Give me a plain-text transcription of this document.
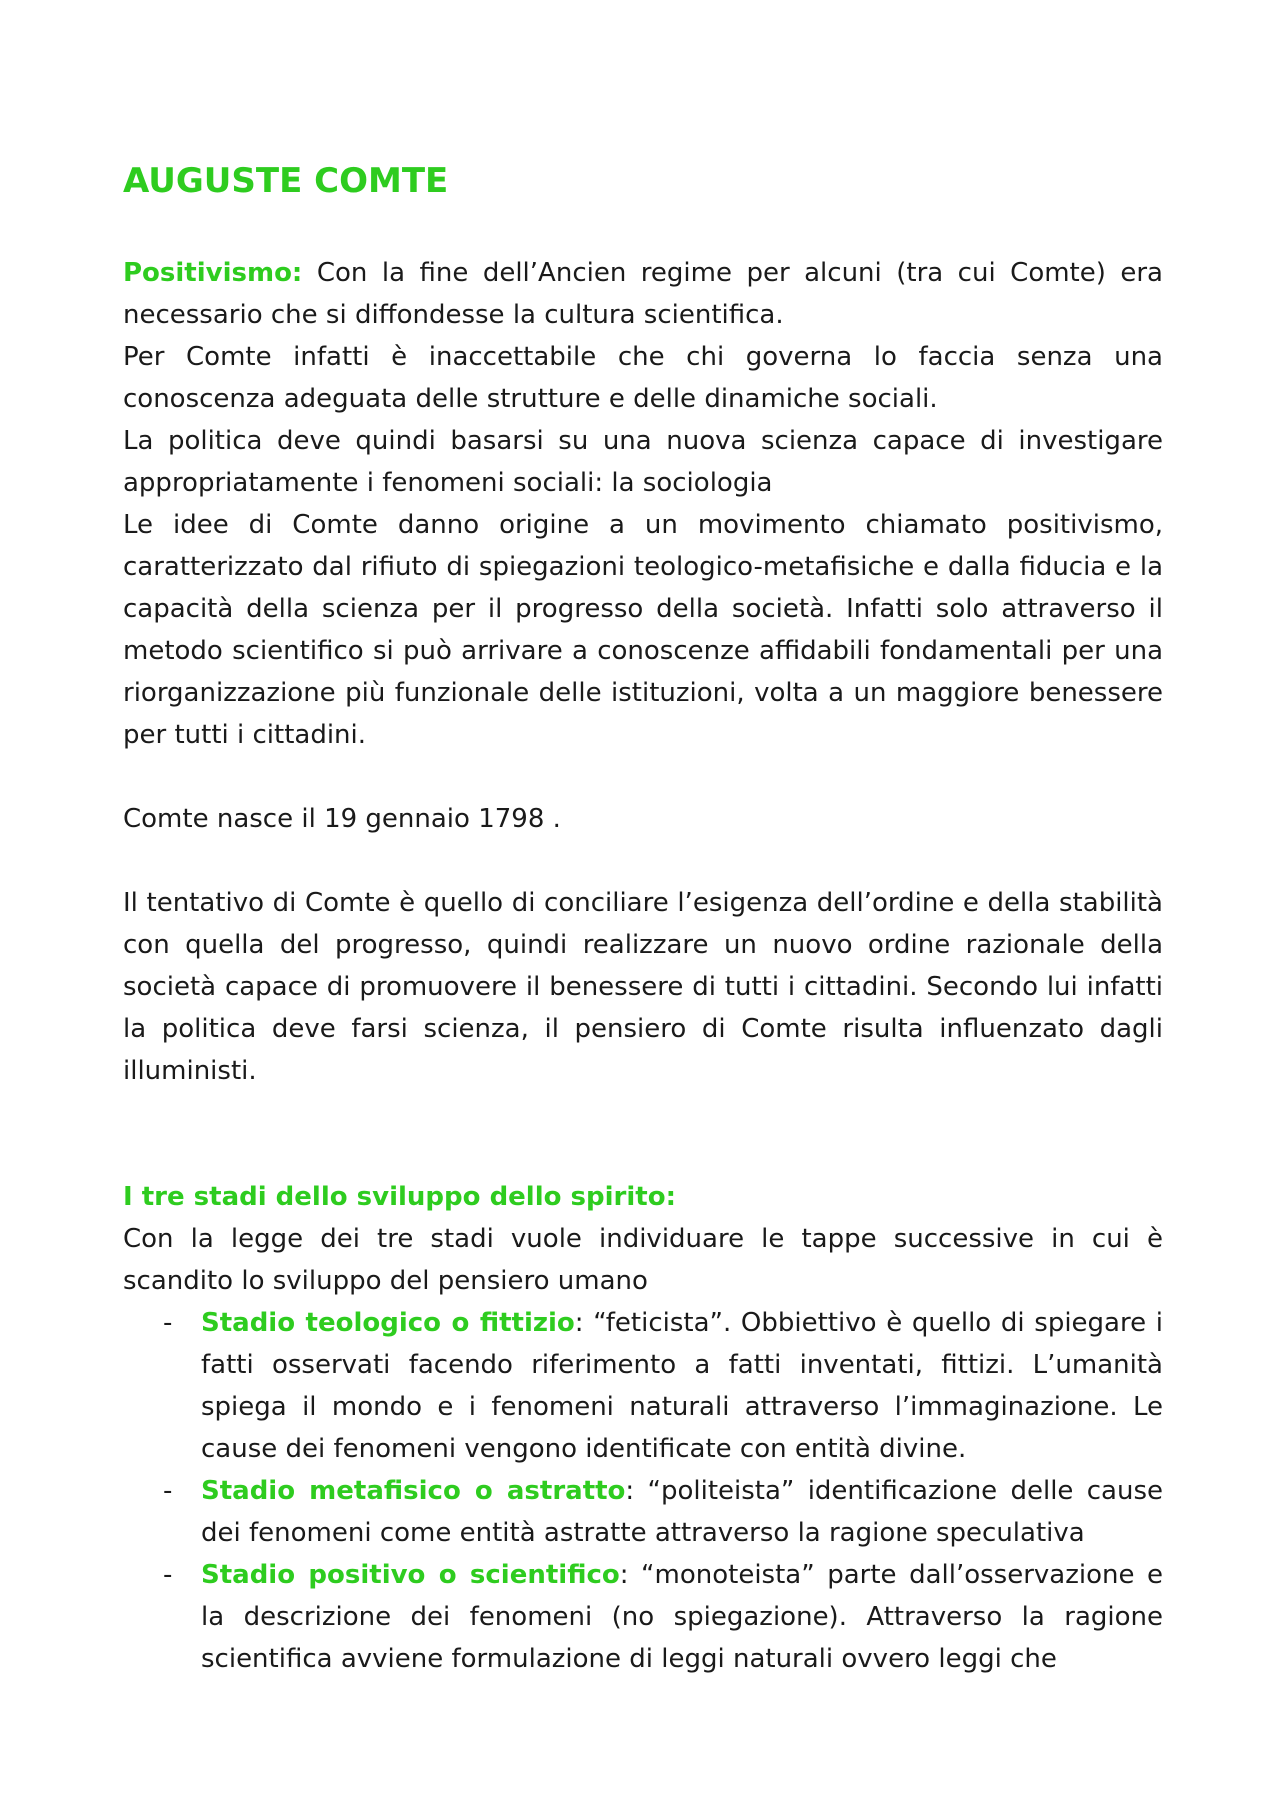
AUGUSTE COMTE

Positivismo: Con la fine dell’Ancien regime per alcuni (tra cui Comte) era necessario che si diffondesse la cultura scientifica.

Per Comte infatti è inaccettabile che chi governa lo faccia senza una conoscenza adeguata delle strutture e delle dinamiche sociali.

La politica deve quindi basarsi su una nuova scienza capace di investigare appropriatamente i fenomeni sociali: la sociologia

Le idee di Comte danno origine a un movimento chiamato positivismo, caratterizzato dal rifiuto di spiegazioni teologico-metafisiche e dalla fiducia e la capacità della scienza per il progresso della società. Infatti solo attraverso il metodo scientifico si può arrivare a conoscenze affidabili fondamentali per una riorganizzazione più funzionale delle istituzioni, volta a un maggiore benessere per tutti i cittadini.

Comte nasce il 19 gennaio 1798 .

Il tentativo di Comte è quello di conciliare l’esigenza dell’ordine e della stabilità con quella del progresso, quindi realizzare un nuovo ordine razionale della società capace di promuovere il benessere di tutti i cittadini. Secondo lui infatti la politica deve farsi scienza, il pensiero di Comte risulta influenzato dagli illuministi.

I tre stadi dello sviluppo dello spirito:

Con la legge dei tre stadi vuole individuare le tappe successive in cui è scandito lo sviluppo del pensiero umano

- Stadio teologico o fittizio: “feticista”. Obbiettivo è quello di spiegare i fatti osservati facendo riferimento a fatti inventati, fittizi. L’umanità spiega il mondo e i fenomeni naturali attraverso l’immaginazione. Le cause dei fenomeni vengono identificate con entità divine.
- Stadio metafisico o astratto: “politeista” identificazione delle cause dei fenomeni come entità astratte attraverso la ragione speculativa
- Stadio positivo o scientifico: “monoteista” parte dall’osservazione e la descrizione dei fenomeni (no spiegazione). Attraverso la ragione scientifica avviene formulazione di leggi naturali ovvero leggi che
